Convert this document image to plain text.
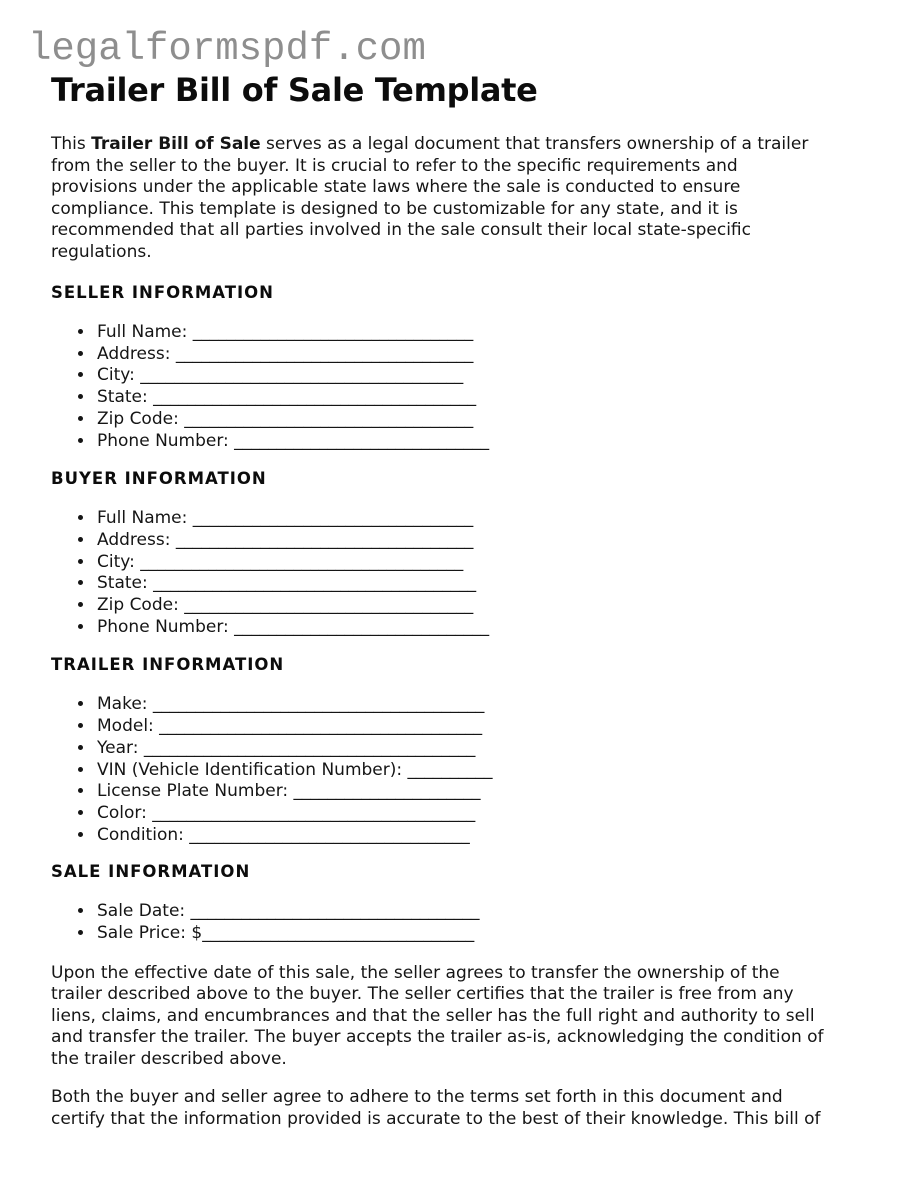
legalformspdf.com
Trailer Bill of Sale Template

This Trailer Bill of Sale serves as a legal document that transfers ownership of a trailer
from the seller to the buyer. It is crucial to refer to the specific requirements and
provisions under the applicable state laws where the sale is conducted to ensure
compliance. This template is designed to be customizable for any state, and it is
recommended that all parties involved in the sale consult their local state-specific
regulations.

SELLER INFORMATION
• Full Name: _________________________________
• Address: ___________________________________
• City: ______________________________________
• State: ______________________________________
• Zip Code: __________________________________
• Phone Number: ______________________________
BUYER INFORMATION
• Full Name: _________________________________
• Address: ___________________________________
• City: ______________________________________
• State: ______________________________________
• Zip Code: __________________________________
• Phone Number: ______________________________
TRAILER INFORMATION
• Make: _______________________________________
• Model: ______________________________________
• Year: _______________________________________
• VIN (Vehicle Identification Number): __________
• License Plate Number: ______________________
• Color: ______________________________________
• Condition: _________________________________
SALE INFORMATION
• Sale Date: __________________________________
• Sale Price: $________________________________

Upon the effective date of this sale, the seller agrees to transfer the ownership of the
trailer described above to the buyer. The seller certifies that the trailer is free from any
liens, claims, and encumbrances and that the seller has the full right and authority to sell
and transfer the trailer. The buyer accepts the trailer as-is, acknowledging the condition of
the trailer described above.

Both the buyer and seller agree to adhere to the terms set forth in this document and
certify that the information provided is accurate to the best of their knowledge. This bill of
